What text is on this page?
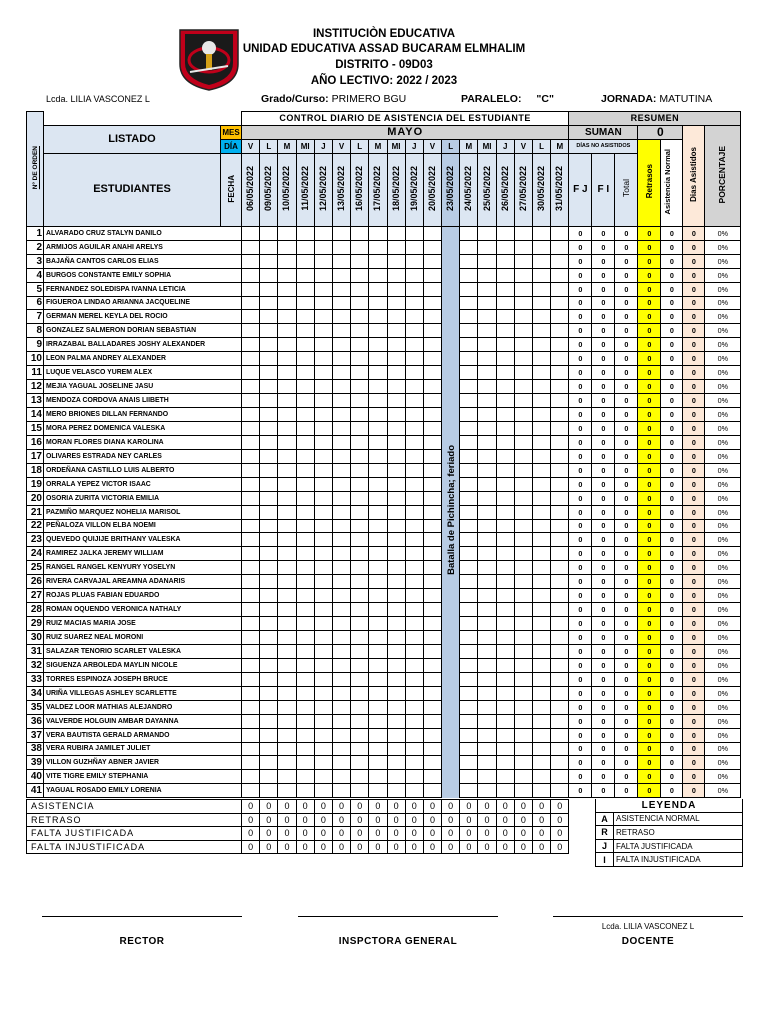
INSTITUCIÒN EDUCATIVA
UNIDAD EDUCATIVA ASSAD BUCARAM ELMHALIM
DISTRITO - 09D03
AÑO LECTIVO: 2022 / 2023
Lcda. LILIA VASCONEZ L	Grado/Curso: PRIMERO BGU	PARALELO: "C"	JORNADA: MATUTINA
Nº DE ORDEN			CONTROL DIARIO DE ASISTENCIA DEL ESTUDIANTE																		RESUMEN						
	LISTADO	MES	MAYO																		SUMAN			0		Dias Asistidos	PORCENTAJE
		DÍA	V	L	M	MI	J	V	L	M	MI	J	V	L	M	MI	J	V	L	M	DÍAS NO ASISTIDOS			Retrasos	Asistencia Normal		
	ESTUDIANTES	FECHA	06/05/2022	09/05/2022	10/05/2022	11/05/2022	12/05/2022	13/05/2022	16/05/2022	17/05/2022	18/05/2022	19/05/2022	20/05/2022	23/05/2022	24/05/2022	25/05/2022	26/05/2022	27/05/2022	30/05/2022	31/05/2022	F J	F I	Total				
1	ALVARADO CRUZ STALYN DANILO																				0	0	0	0	0	0	0%
2	ARMIJOS AGUILAR ANAHI ARELYS																				0	0	0	0	0	0	0%
3	BAJAÑA CANTOS CARLOS ELIAS																				0	0	0	0	0	0	0%
4	BURGOS CONSTANTE EMILY SOPHIA																				0	0	0	0	0	0	0%
5	FERNANDEZ SOLEDISPA IVANNA LETICIA																				0	0	0	0	0	0	0%
6	FIGUEROA LINDAO ARIANNA JACQUELINE																				0	0	0	0	0	0	0%
7	GERMAN MEREL KEYLA DEL ROCIO																				0	0	0	0	0	0	0%
8	GONZALEZ SALMERON DORIAN SEBASTIAN																				0	0	0	0	0	0	0%
9	IRRAZABAL BALLADARES JOSHY ALEXANDER																				0	0	0	0	0	0	0%
10	LEON PALMA ANDREY ALEXANDER																				0	0	0	0	0	0	0%
11	LUQUE VELASCO YUREM ALEX																				0	0	0	0	0	0	0%
12	MEJIA YAGUAL JOSELINE JASU																				0	0	0	0	0	0	0%
13	MENDOZA CORDOVA ANAIS LIIBETH																				0	0	0	0	0	0	0%
14	MERO BRIONES DILLAN FERNANDO																				0	0	0	0	0	0	0%
15	MORA PEREZ DOMENICA VALESKA																				0	0	0	0	0	0	0%
16	MORAN FLORES DIANA KAROLINA																				0	0	0	0	0	0	0%
17	OLIVARES ESTRADA NEY CARLES																				0	0	0	0	0	0	0%
18	ORDEÑANA CASTILLO LUIS ALBERTO																				0	0	0	0	0	0	0%
19	ORRALA YEPEZ VICTOR ISAAC																				0	0	0	0	0	0	0%
20	OSORIA ZURITA VICTORIA EMILIA																				0	0	0	0	0	0	0%
21	PAZMIÑO MARQUEZ NOHELIA MARISOL																				0	0	0	0	0	0	0%
22	PEÑALOZA VILLON ELBA NOEMI																				0	0	0	0	0	0	0%
23	QUEVEDO QUIJIJE BRITHANY VALESKA																				0	0	0	0	0	0	0%
24	RAMIREZ JALKA JEREMY WILLIAM																				0	0	0	0	0	0	0%
25	RANGEL RANGEL KENYURY YOSELYN																				0	0	0	0	0	0	0%
26	RIVERA CARVAJAL AREAMNA ADANARIS																				0	0	0	0	0	0	0%
27	ROJAS PLUAS FABIAN EDUARDO																				0	0	0	0	0	0	0%
28	ROMAN OQUENDO VERONICA NATHALY																				0	0	0	0	0	0	0%
29	RUIZ MACIAS MARIA JOSE																				0	0	0	0	0	0	0%
30	RUIZ SUAREZ NEAL MORONI																				0	0	0	0	0	0	0%
31	SALAZAR TENORIO SCARLET VALESKA																				0	0	0	0	0	0	0%
32	SIGUENZA ARBOLEDA MAYLIN NICOLE																				0	0	0	0	0	0	0%
33	TORRES ESPINOZA JOSEPH BRUCE																				0	0	0	0	0	0	0%
34	URIÑA VILLEGAS ASHLEY SCARLETTE																				0	0	0	0	0	0	0%
35	VALDEZ LOOR MATHIAS ALEJANDRO																				0	0	0	0	0	0	0%
36	VALVERDE HOLGUIN AMBAR DAYANNA																				0	0	0	0	0	0	0%
37	VERA BAUTISTA GERALD ARMANDO																				0	0	0	0	0	0	0%
38	VERA RUBIRA JAMILET JULIET																				0	0	0	0	0	0	0%
39	VILLON GUZHÑAY ABNER JAVIER																				0	0	0	0	0	0	0%
40	VITE TIGRE EMILY STEPHANIA																				0	0	0	0	0	0	0%
41	YAGUAL ROSADO EMILY LORENIA																				0	0	0	0	0	0	0%
Batalla de Pichincha; feriado
ASISTENCIA	0	0	0	0	0	0	0	0	0	0	0	0	0	0	0	0	0	0
RETRASO	0	0	0	0	0	0	0	0	0	0	0	0	0	0	0	0	0	0
FALTA JUSTIFICADA	0	0	0	0	0	0	0	0	0	0	0	0	0	0	0	0	0	0
FALTA INJUSTIFICADA	0	0	0	0	0	0	0	0	0	0	0	0	0	0	0	0	0	0
LEYENDA	
A	ASISTENCIA NORMAL
R	RETRASO
J	FALTA JUSTIFICADA
I	FALTA INJUSTIFICADA
Lcda. LILIA VASCONEZ L
RECTOR	INSPCTORA GENERAL	DOCENTE
